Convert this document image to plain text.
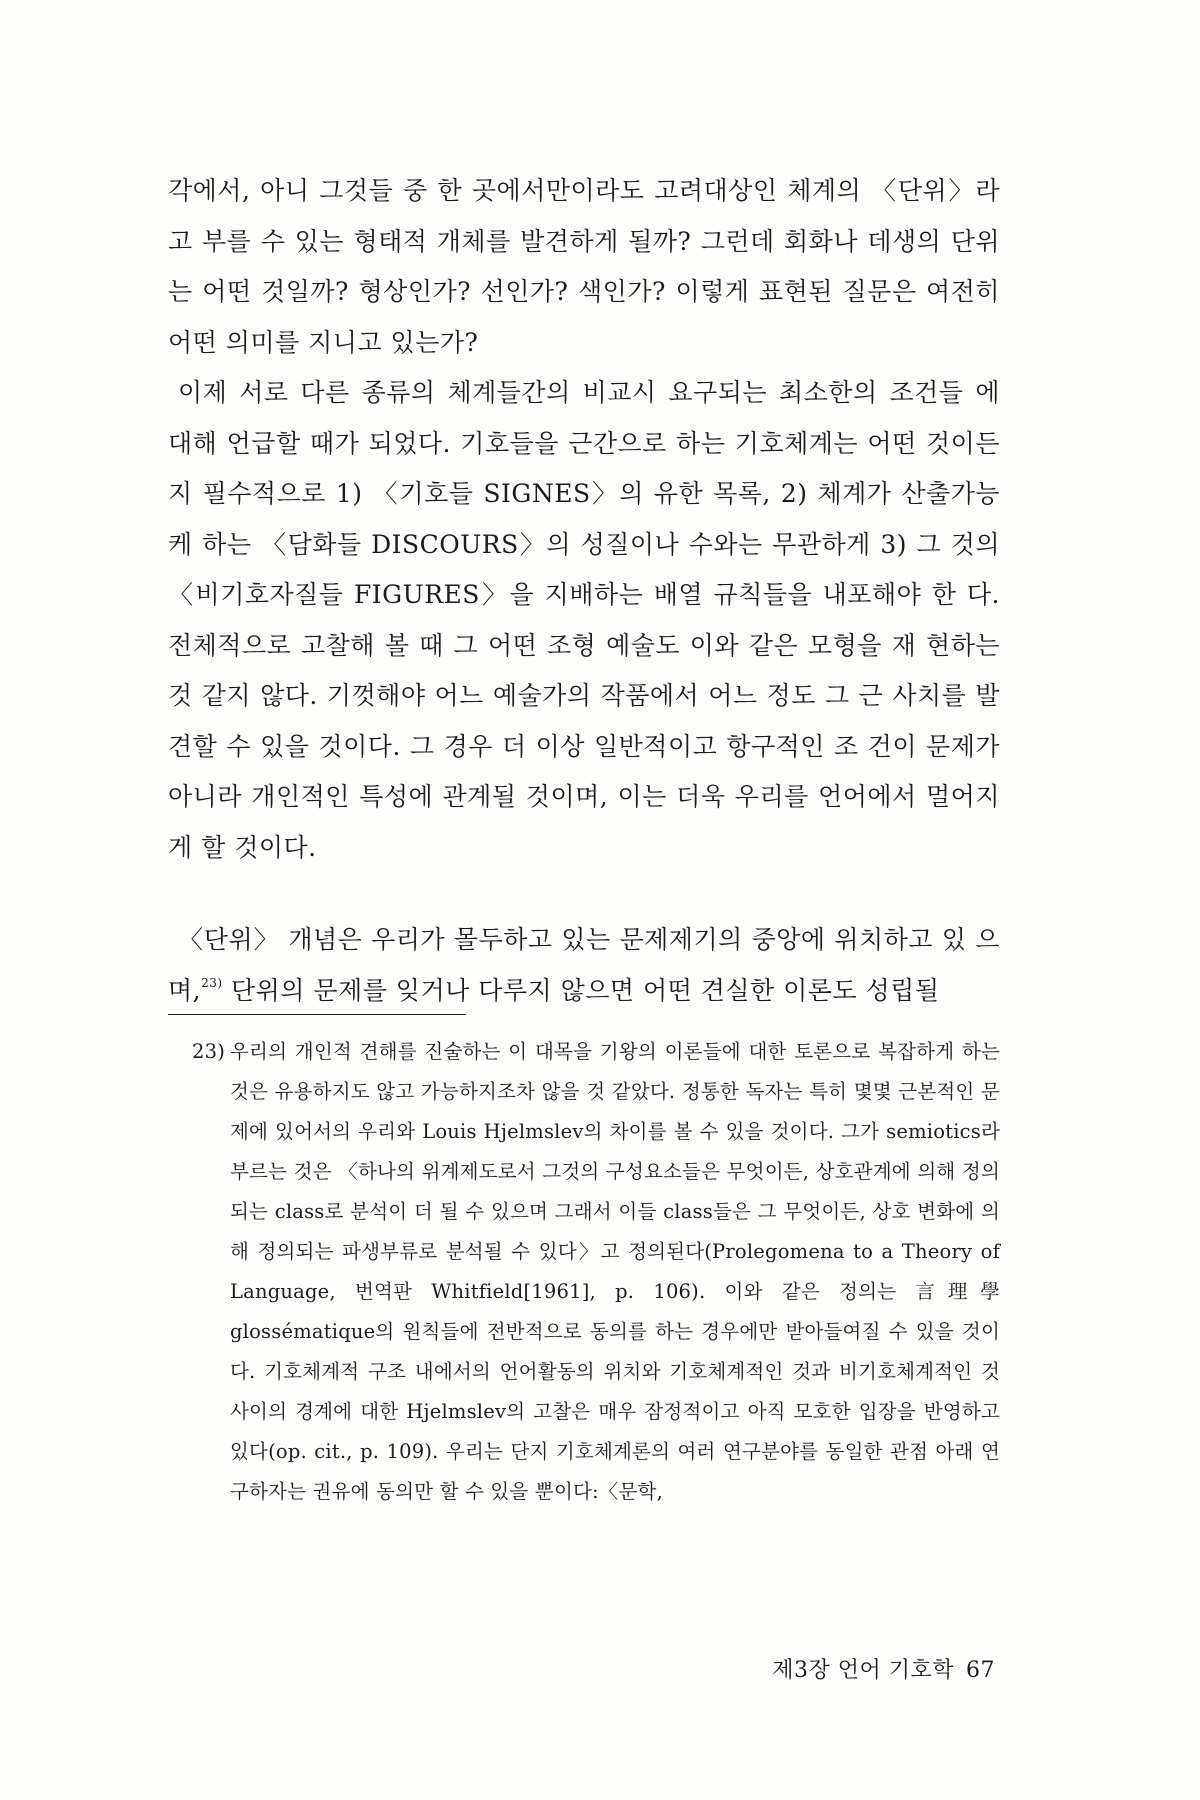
각에서, 아니 그것들 중 한 곳에서만이라도 고려대상인 체계의 〈단위〉라 고 부를 수 있는 형태적 개체를 발견하게 될까? 그런데 회화나 데생의 단위는 어떤 것일까? 형상인가? 선인가? 색인가? 이렇게 표현된 질문은 여전히 어떤 의미를 지니고 있는가?

이제 서로 다른 종류의 체계들간의 비교시 요구되는 최소한의 조건들 에 대해 언급할 때가 되었다. 기호들을 근간으로 하는 기호체계는 어떤 것이든지 필수적으로 1) 〈기호들 SIGNES〉의 유한 목록, 2) 체계가 산출가능케 하는 〈담화들 DISCOURS〉의 성질이나 수와는 무관하게 3) 그 것의 〈비기호자질들 FIGURES〉을 지배하는 배열 규칙들을 내포해야 한 다. 전체적으로 고찰해 볼 때 그 어떤 조형 예술도 이와 같은 모형을 재 현하는 것 같지 않다. 기껏해야 어느 예술가의 작품에서 어느 정도 그 근 사치를 발견할 수 있을 것이다. 그 경우 더 이상 일반적이고 항구적인 조 건이 문제가 아니라 개인적인 특성에 관계될 것이며, 이는 더욱 우리를 언어에서 멀어지게 할 것이다.

〈단위〉 개념은 우리가 몰두하고 있는 문제제기의 중앙에 위치하고 있 으며,$^{23)}$ 단위의 문제를 잊거나 다루지 않으면 어떤 견실한 이론도 성립될

23) 우리의 개인적 견해를 진술하는 이 대목을 기왕의 이론들에 대한 토론으로 복잡하게 하는 것은 유용하지도 않고 가능하지조차 않을 것 같았다. 정통한 독자는 특히 몇몇 근본적인 문제에 있어서의 우리와 Louis Hjelmslev의 차이를 볼 수 있을 것이다. 그가 semiotics라 부르는 것은 〈하나의 위계제도로서 그것의 구성요소들은 무엇이든, 상호관계에 의해 정의되는 class로 분석이 더 될 수 있으며 그래서 이들 class들은 그 무엇이든, 상호 변화에 의해 정의되는 파생부류로 분석될 수 있다〉고 정의된다(Prolegomena to a Theory of Language, 번역판 Whitfield[1961], p. 106). 이와 같은 정의는 言理學 glossématique의 원칙들에 전반적으로 동의를 하는 경우에만 받아들여질 수 있을 것이다. 기호체계적 구조 내에서의 언어활동의 위치와 기호체계적인 것과 비기호체계적인 것 사이의 경계에 대한 Hjelmslev의 고찰은 매우 잠정적이고 아직 모호한 입장을 반영하고 있다(op. cit., p. 109). 우리는 단지 기호체계론의 여러 연구분야를 동일한 관점 아래 연구하자는 권유에 동의만 할 수 있을 뿐이다:〈문학,

제3장 언어 기호학 67
